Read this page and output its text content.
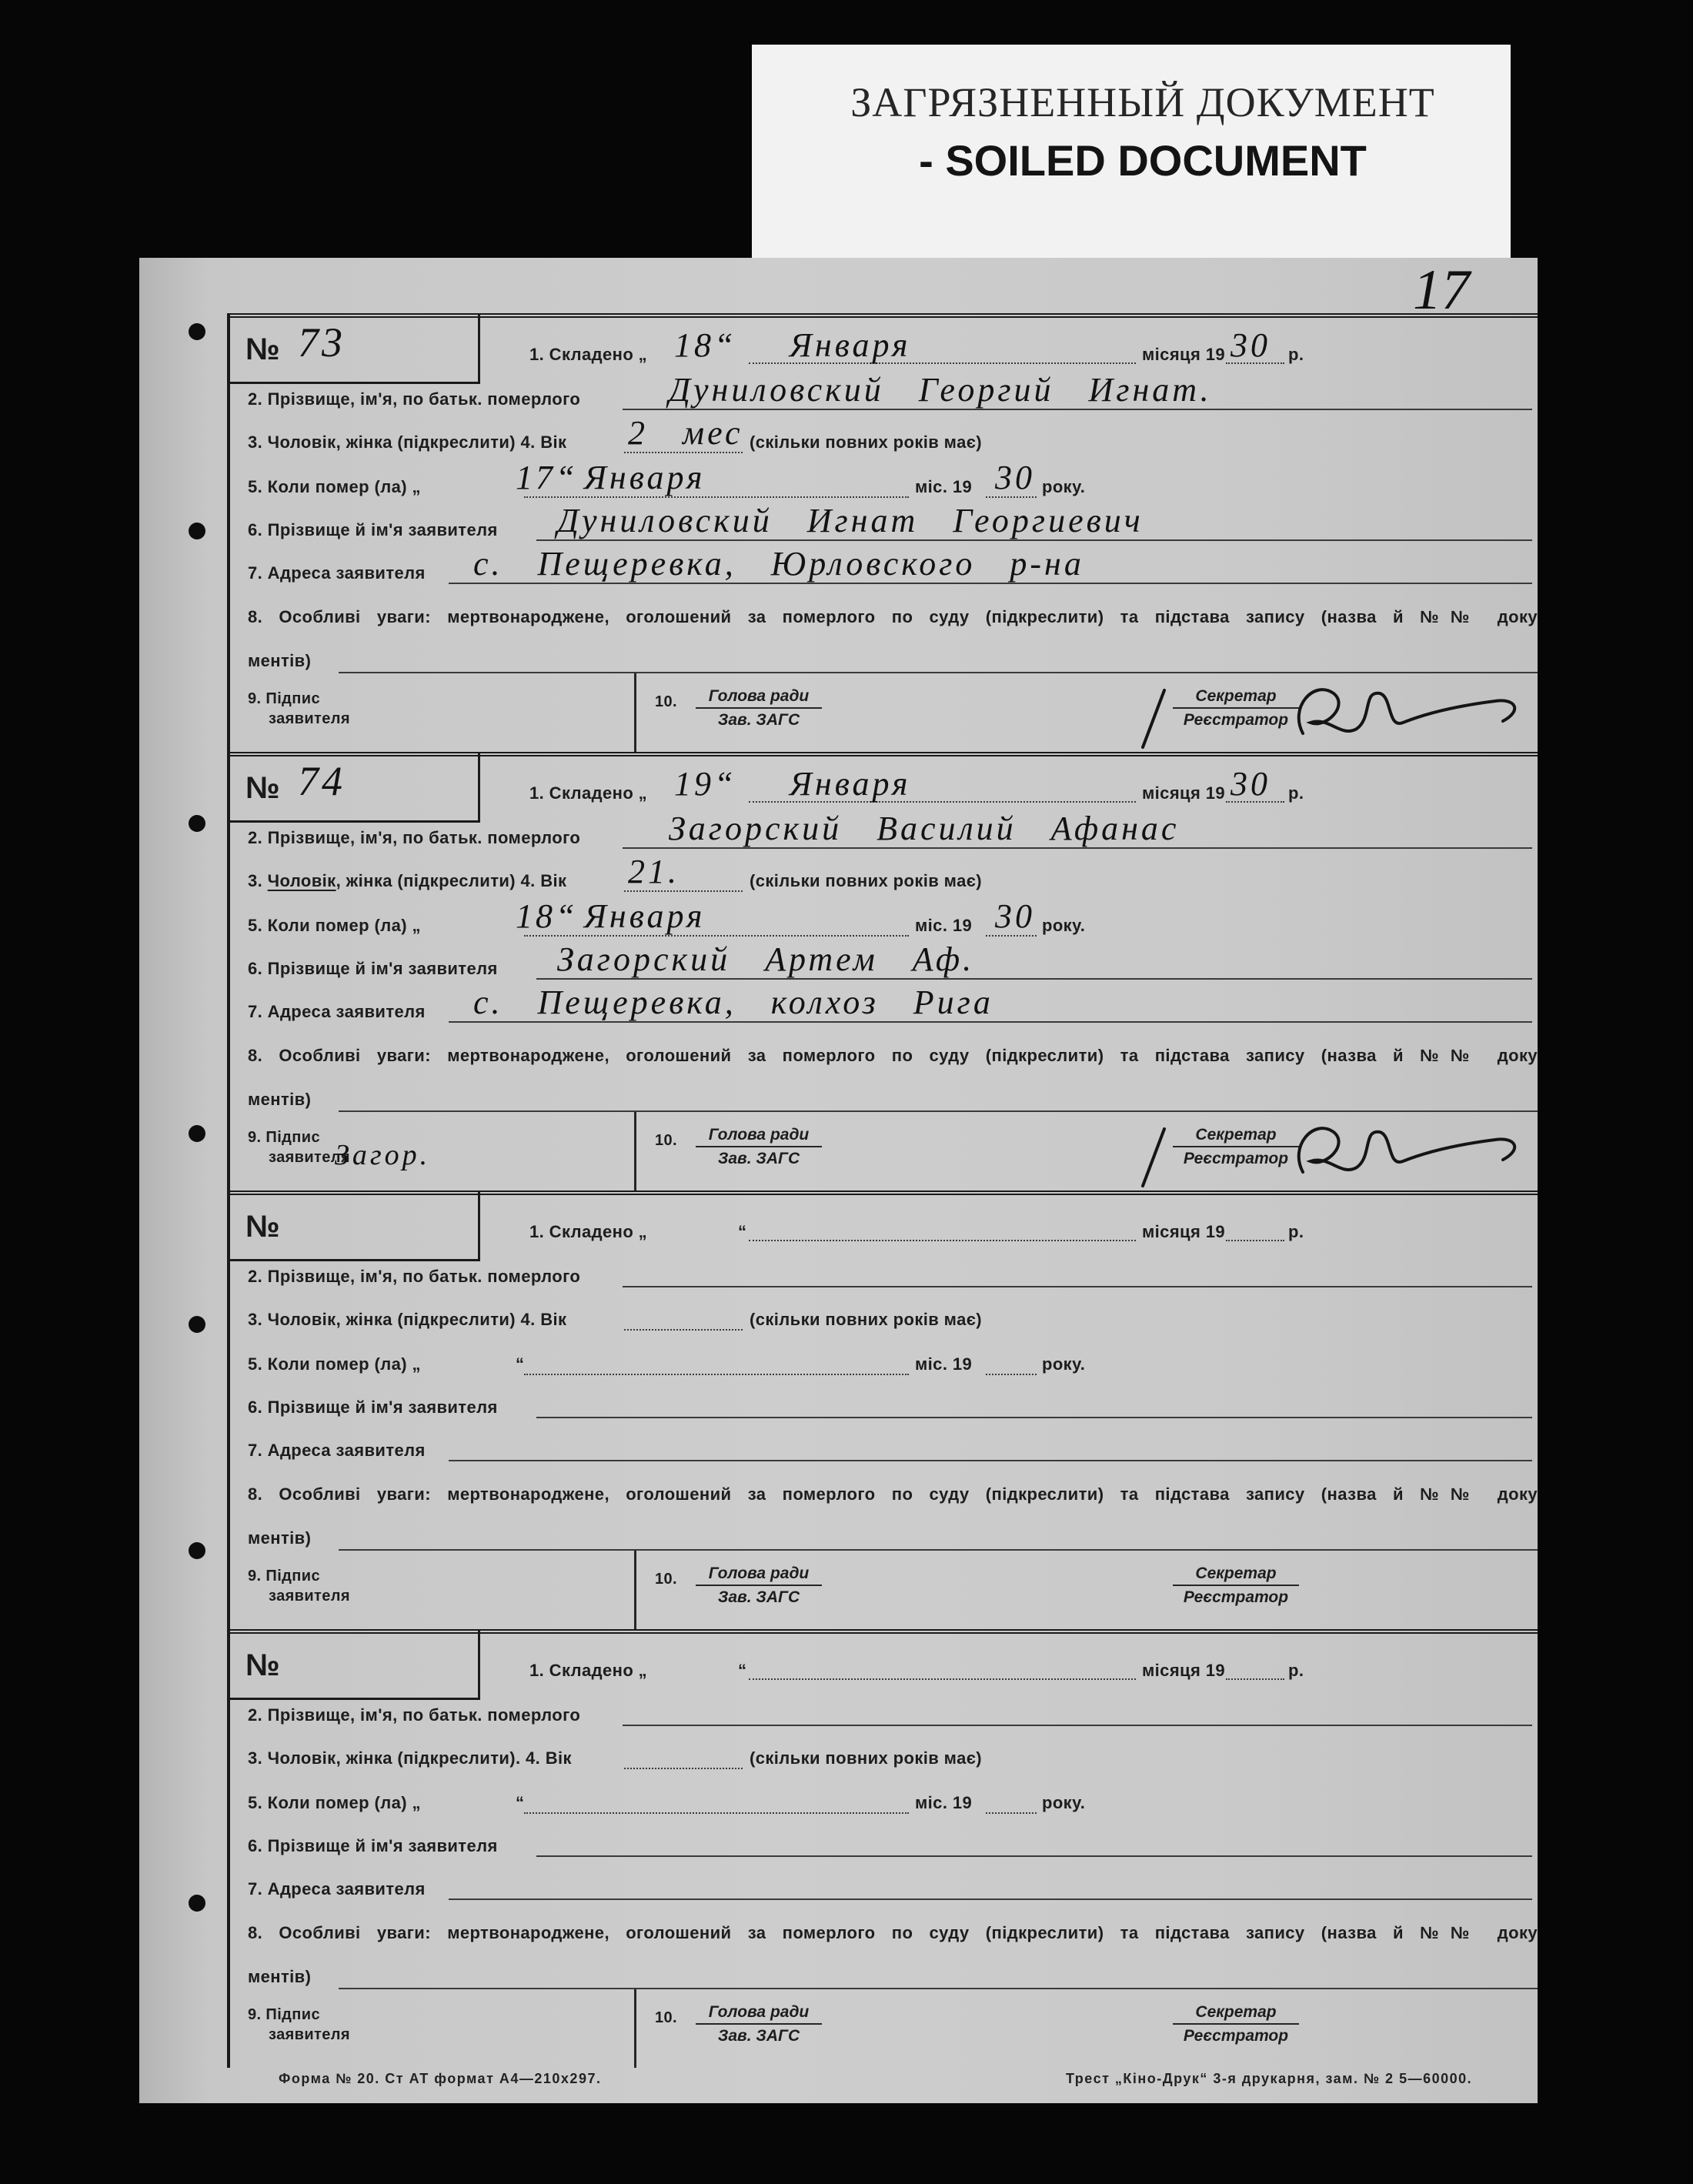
ЗАГРЯЗНЕННЫЙ ДОКУМЕНТ
- SOILED DOCUMENT
17
Форма № 20. Ст АТ формат А4—210х297.	Трест „Кіно-Друк“ 3-я друкарня, зам. № 2 5—60000.
№ 73	1. Складено „ 18“ Января	місяця 19 30 р.
2. Прізвище, ім'я, по батьк. померлого	Дуниловский Георгий Игнат.
3. Чоловік, жінка (підкреслити) 4. Вік 2 мес (скільки повних років має)
5. Коли помер (ла) „	17“ Января	міс. 19 30 року.
6. Прізвище й ім'я заявителя Дуниловский Игнат Георгиевич
7. Адреса заявителя с. Пещеревка, Юрловского р-на
8. Особливі уваги: мертвонароджене, оголошений за померлого по суду (підкреслити) та підстава запису (назва й №№ доку
ментів)
9. Підпис
заявителя
10.	Голова ради
Зав. ЗАГС
Секретар
Реєстратор
№ 74	1. Складено „ 19“ Января	місяця 19 30 р.
2. Прізвище, ім'я, по батьк. померлого	Загорский Василий Афанас
3. Чоловік, жінка (підкреслити) 4. Вік 21.	(скільки повних років має)
5. Коли помер (ла) „	18“ Января	міс. 19 30 року.
6. Прізвище й ім'я заявителя Загорский Артем Аф.
7. Адреса заявителя с. Пещеревка, колхоз Рига
8. Особливі уваги: мертвонароджене, оголошений за померлого по суду (підкреслити) та підстава запису (назва й №№ доку
ментів)
9. Підпис
заявителя
Загор.	10.	Голова ради
Зав. ЗАГС
Секретар
Реєстратор
№	1. Складено „	“	місяця 19	р.
2. Прізвище, ім'я, по батьк. померлого
3. Чоловік, жінка (підкреслити) 4. Вік	(скільки повних років має)
5. Коли помер (ла) „	“	міс. 19	року.
6. Прізвище й ім'я заявителя
7. Адреса заявителя
8. Особливі уваги: мертвонароджене, оголошений за померлого по суду (підкреслити) та підстава запису (назва й №№ доку
ментів)
9. Підпис
заявителя
10.	Голова ради
Зав. ЗАГС
Секретар
Реєстратор
№	1. Складено „	“	місяця 19	р.
2. Прізвище, ім'я, по батьк. померлого
3. Чоловік, жінка (підкреслити). 4. Вік	(скільки повних років має)
5. Коли помер (ла) „	“	міс. 19	року.
6. Прізвище й ім'я заявителя
7. Адреса заявителя
8. Особливі уваги: мертвонароджене, оголошений за померлого по суду (підкреслити) та підстава запису (назва й №№ доку
ментів)
9. Підпис
заявителя
10.	Голова ради
Зав. ЗАГС
Секретар
Реєстратор
